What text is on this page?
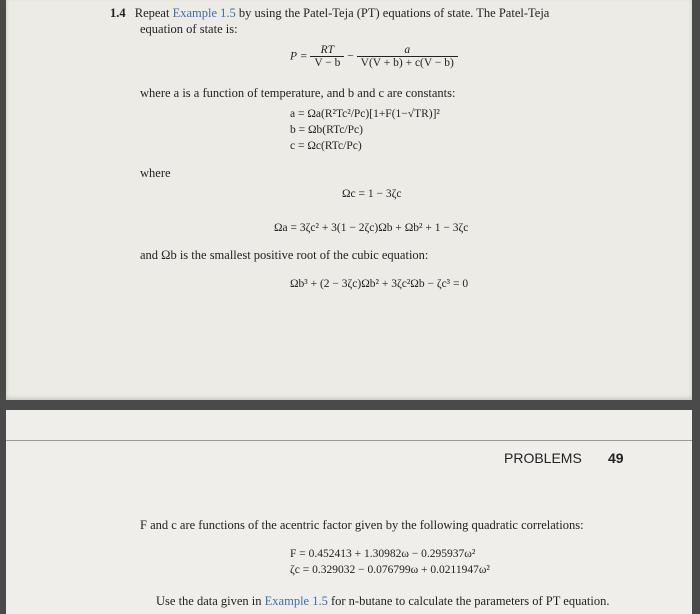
1.4 Repeat Example 1.5 by using the Patel-Teja (PT) equations of state. The Patel-Teja
equation of state is:
$P = \frac{RT}{V - b} - \frac{a}{V(V + b) + c(V - b)}$
where a is a function of temperature, and b and c are constants:
a = Ωa(R²Tc²/Pc)[1+F(1−√TR)]²
b = Ωb(RTc/Pc)
c = Ωc(RTc/Pc)
where
Ωc = 1 − 3ζc
Ωa = 3ζc² + 3(1 − 2ζc)Ωb + Ωb² + 1 − 3ζc
and Ωb is the smallest positive root of the cubic equation:
Ωb³ + (2 − 3ζc)Ωb² + 3ζc²Ωb − ζc³ = 0
PROBLEMS 49
F and c are functions of the acentric factor given by the following quadratic correlations:
F = 0.452413 + 1.30982ω − 0.295937ω²
ζc = 0.329032 − 0.076799ω + 0.0211947ω²
Use the data given in Example 1.5 for n-butane to calculate the parameters of PT equation.
